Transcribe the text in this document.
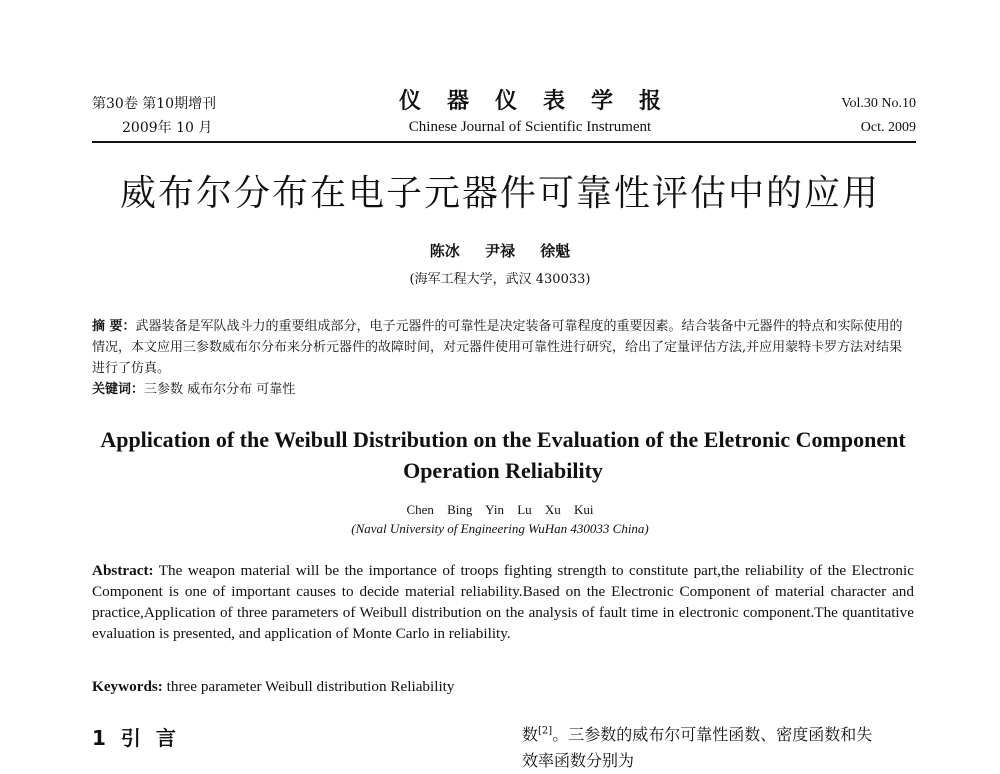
第30卷 第10期增刊
2009年 10 月
仪器仪表学报
Chinese Journal of Scientific Instrument
Vol.30 No.10
Oct. 2009
威布尔分布在电子元器件可靠性评估中的应用
陈冰 尹禄 徐魁
(海军工程大学，武汉 430033)
摘 要：武器装备是军队战斗力的重要组成部分，电子元器件的可靠性是决定装备可靠程度的重要因素。结合装备中元器件的特点和实际使用的情况，本文应用三参数威布尔分布来分析元器件的故障时间，对元器件使用可靠性进行研究，给出了定量评估方法,并应用蒙特卡罗方法对结果进行了仿真。
关键词：三参数 威布尔分布 可靠性
Application of the Weibull Distribution on the Evaluation of the Eletronic Component Operation Reliability
Chen Bing Yin Lu Xu Kui
(Naval University of Engineering WuHan 430033 China)
Abstract: The weapon material will be the importance of troops fighting strength to constitute part,the reliability of the Electronic Component is one of important causes to decide material reliability.Based on the Electronic Component of material character and practice,Application of three parameters of Weibull distribution on the analysis of fault time in electronic component.The quantitative evaluation is presented, and application of Monte Carlo in reliability.
Keywords: three parameter Weibull distribution Reliability
1 引 言	数[2]。三参数的威布尔可靠性函数、密度函数和失
效率函数分别为
